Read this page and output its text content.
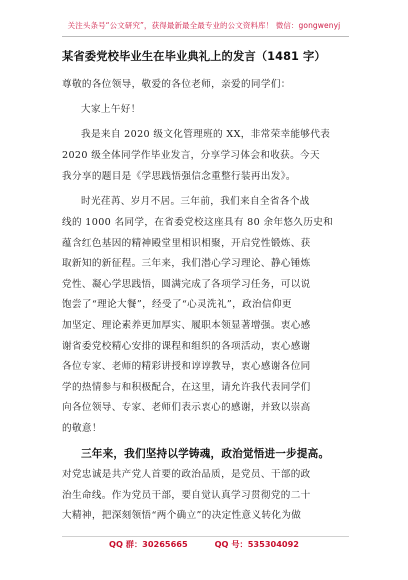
关注头条号“公文研究”，获得最新最全最专业的公文资料库！ 微信：gongwenyj
某省委党校毕业生在毕业典礼上的发言（1481 字）
尊敬的各位领导，敬爱的各位老师，亲爱的同学们：
大家上午好！
我是来自 2020 级文化管理班的 XX，非常荣幸能够代表
2020 级全体同学作毕业发言，分享学习体会和收获。今天
我分享的题目是《学思践悟强信念重整行装再出发》。
时光荏苒、岁月不居。三年前，我们来自全省各个战
线的 1000 名同学，在省委党校这座具有 80 余年悠久历史和
蕴含红色基因的精神殿堂里相识相聚，开启党性锻炼、获
取新知的新征程。三年来，我们潜心学习理论、静心锤炼
党性、凝心学思践悟，圆满完成了各项学习任务，可以说
饱尝了“理论大餐”，经受了“心灵洗礼”，政治信仰更
加坚定、理论素养更加厚实、履职本领显著增强。衷心感
谢省委党校精心安排的课程和组织的各项活动，衷心感谢
各位专家、老师的精彩讲授和谆谆教导，衷心感谢各位同
学的热情参与和积极配合，在这里，请允许我代表同学们
向各位领导、专家、老师们表示衷心的感谢，并致以崇高
的敬意！
三年来，我们坚持以学铸魂，政治觉悟进一步提高。
对党忠诚是共产党人首要的政治品质，是党员、干部的政
治生命线。作为党员干部，要自觉认真学习贯彻党的二十
大精神，把深刻领悟“两个确立”的决定性意义转化为做
QQ 群：30265665	QQ 号：535304092
